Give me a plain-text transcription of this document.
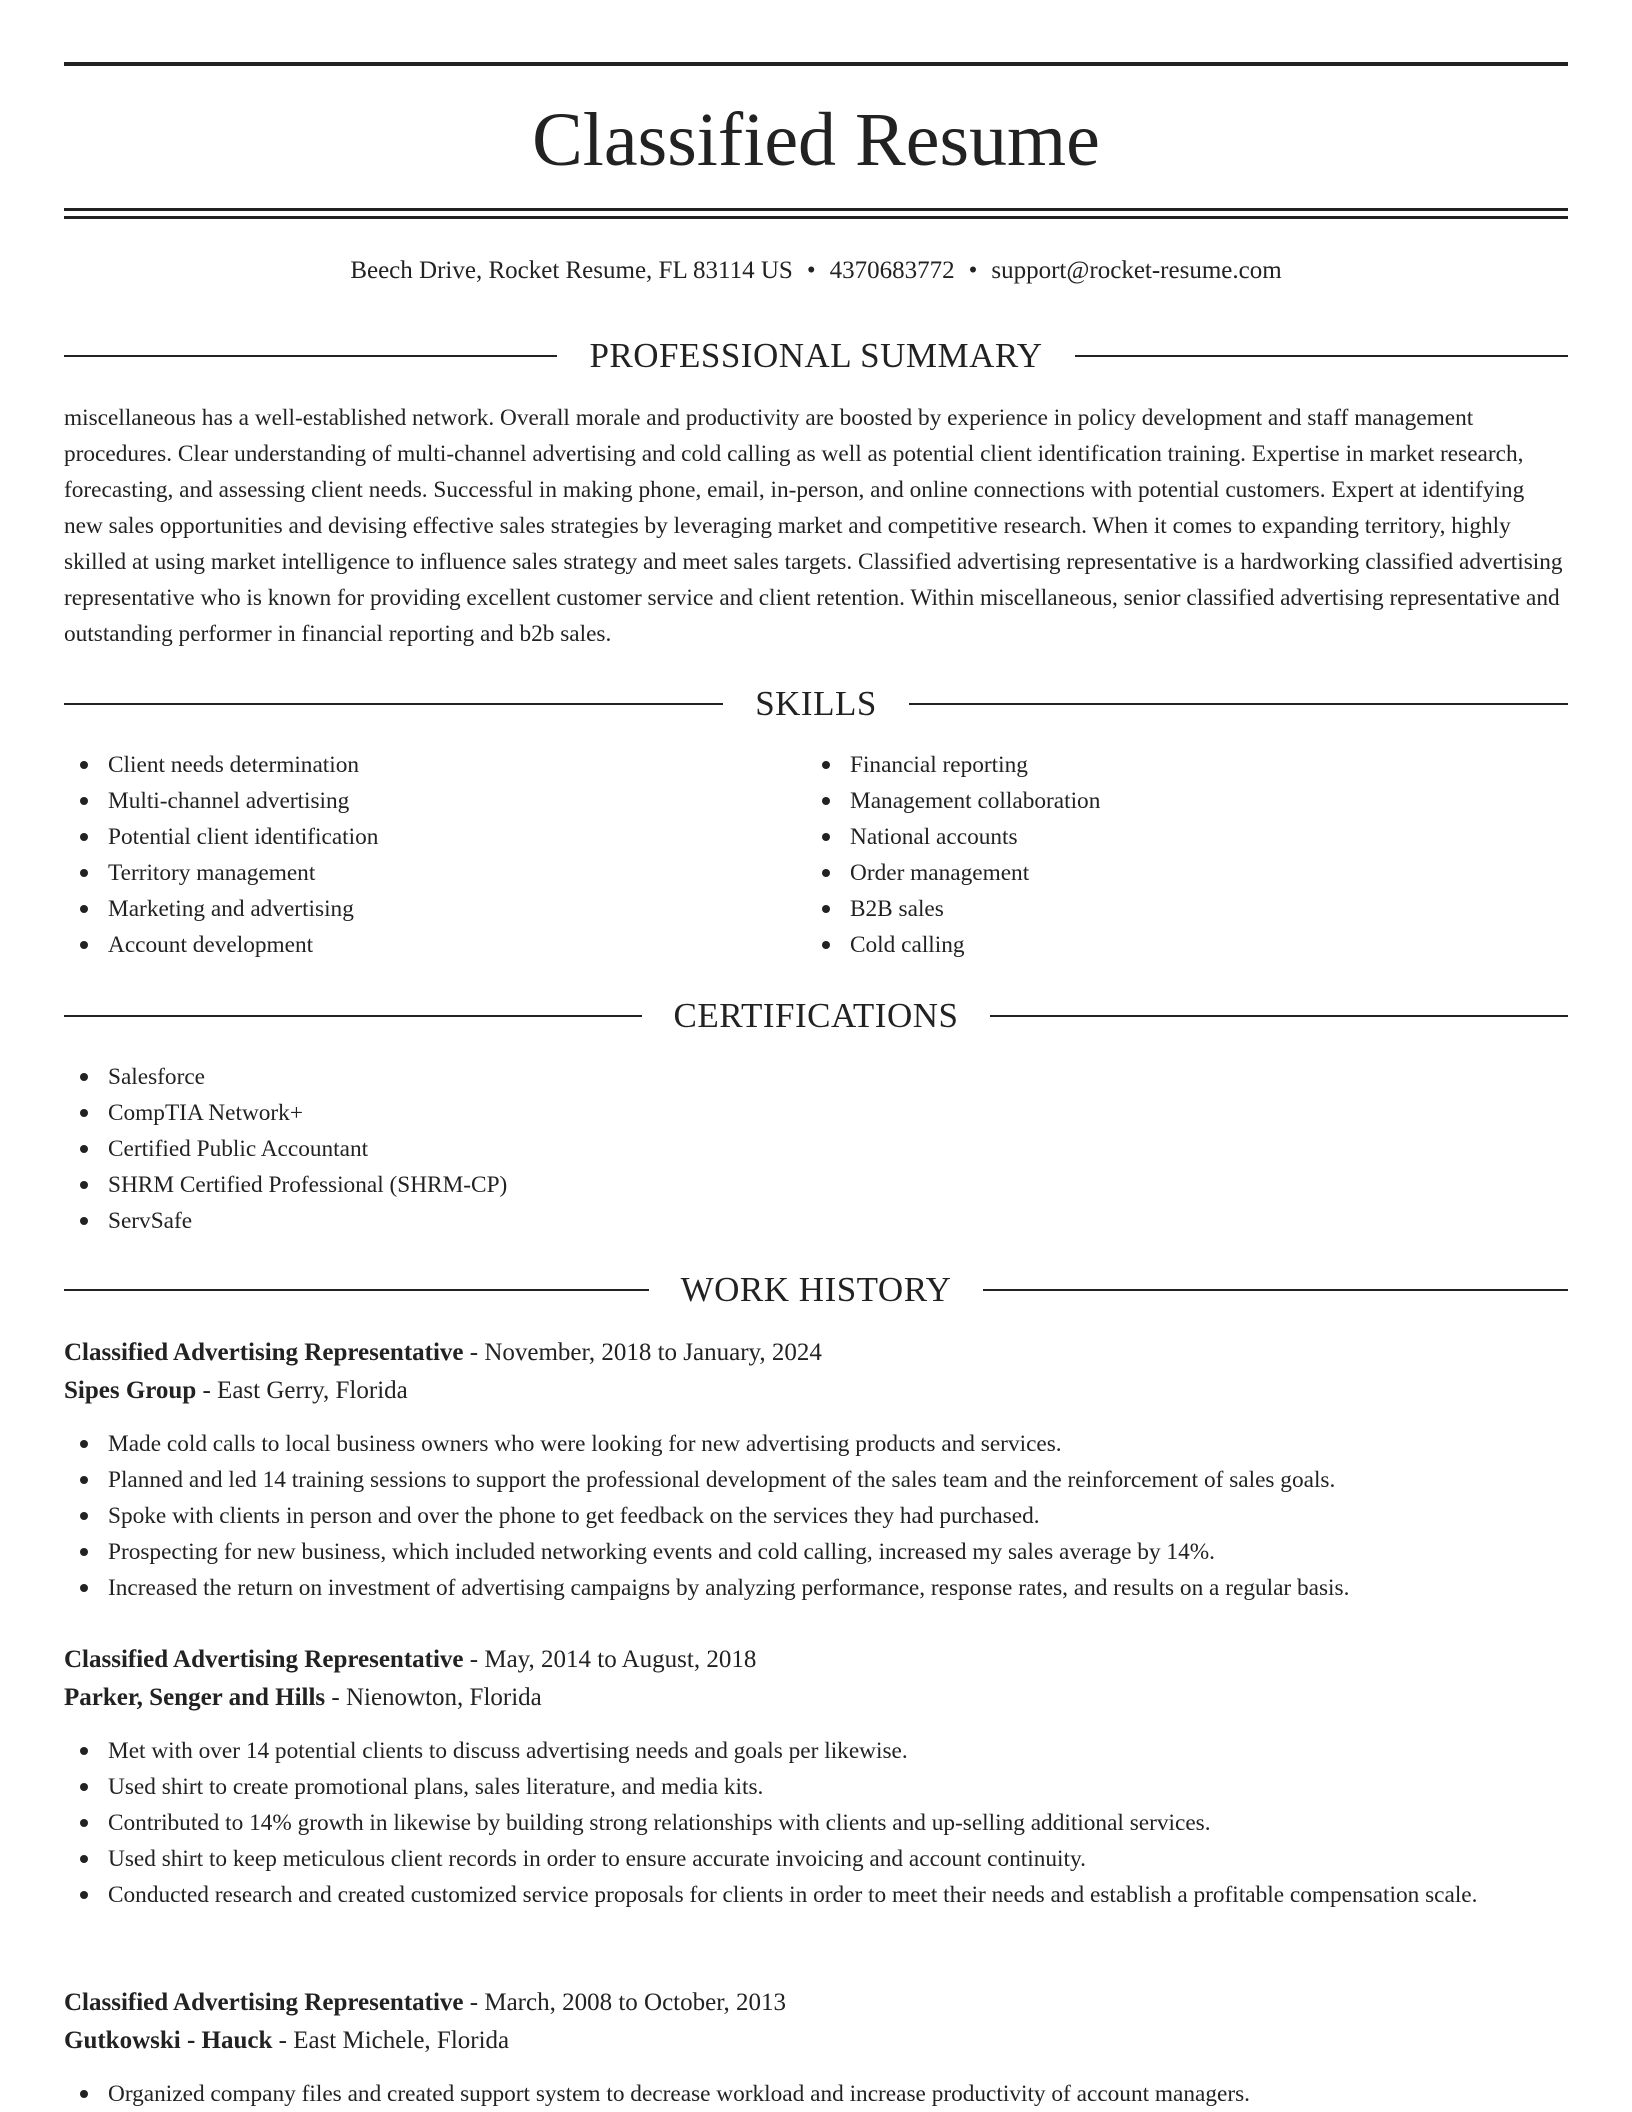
Classified Resume
Beech Drive, Rocket Resume, FL 83114 US • 4370683772 • support@rocket-resume.com
PROFESSIONAL SUMMARY

miscellaneous has a well-established network. Overall morale and productivity are boosted by experience in policy development and staff management procedures. Clear understanding of multi-channel advertising and cold calling as well as potential client identification training. Expertise in market research, forecasting, and assessing client needs. Successful in making phone, email, in-person, and online connections with potential customers. Expert at identifying new sales opportunities and devising effective sales strategies by leveraging market and competitive research. When it comes to expanding territory, highly skilled at using market intelligence to influence sales strategy and meet sales targets. Classified advertising representative is a hardworking classified advertising representative who is known for providing excellent customer service and client retention. Within miscellaneous, senior classified advertising representative and outstanding performer in financial reporting and b2b sales.

SKILLS
Client needs determination
Multi-channel advertising
Potential client identification
Territory management
Marketing and advertising
Account development
Financial reporting
Management collaboration
National accounts
Order management
B2B sales
Cold calling
CERTIFICATIONS
Salesforce
CompTIA Network+
Certified Public Accountant
SHRM Certified Professional (SHRM-CP)
ServSafe
WORK HISTORY
Classified Advertising Representative - November, 2018 to January, 2024
Sipes Group - East Gerry, Florida
Made cold calls to local business owners who were looking for new advertising products and services.
Planned and led 14 training sessions to support the professional development of the sales team and the reinforcement of sales goals.
Spoke with clients in person and over the phone to get feedback on the services they had purchased.
Prospecting for new business, which included networking events and cold calling, increased my sales average by 14%.
Increased the return on investment of advertising campaigns by analyzing performance, response rates, and results on a regular basis.
Classified Advertising Representative - May, 2014 to August, 2018
Parker, Senger and Hills - Nienowton, Florida
Met with over 14 potential clients to discuss advertising needs and goals per likewise.
Used shirt to create promotional plans, sales literature, and media kits.
Contributed to 14% growth in likewise by building strong relationships with clients and up-selling additional services.
Used shirt to keep meticulous client records in order to ensure accurate invoicing and account continuity.
Conducted research and created customized service proposals for clients in order to meet their needs and establish a profitable compensation scale.
Classified Advertising Representative - March, 2008 to October, 2013
Gutkowski - Hauck - East Michele, Florida
Organized company files and created support system to decrease workload and increase productivity of account managers.
